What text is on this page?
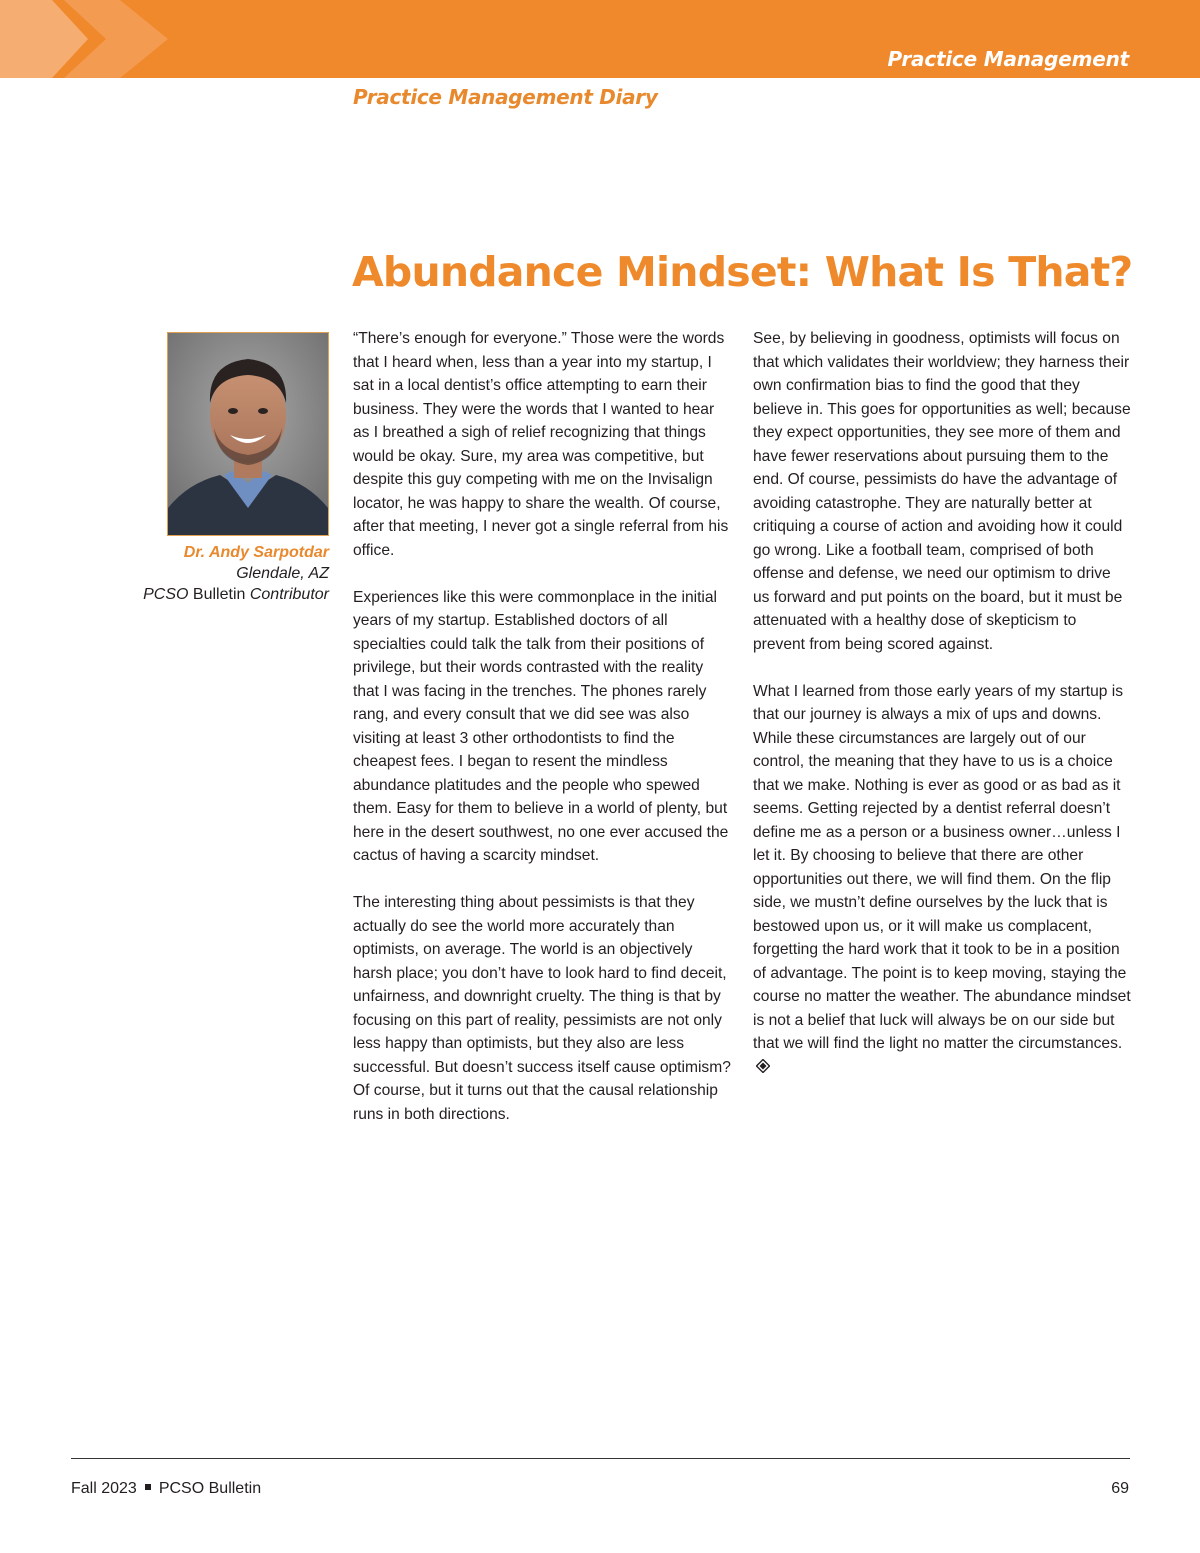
Practice Management
Practice Management Diary
Abundance Mindset: What Is That?
Dr. Andy Sarpotdar
Glendale, AZ
PCSO Bulletin Contributor

“There’s enough for everyone.” Those were the words that I heard when, less than a year into my startup, I sat in a local dentist’s office attempting to earn their business. They were the words that I wanted to hear as I breathed a sigh of relief recognizing that things would be okay. Sure, my area was competitive, but despite this guy competing with me on the Invisalign locator, he was happy to share the wealth. Of course, after that meeting, I never got a single referral from his office.

Experiences like this were commonplace in the initial years of my startup. Established doctors of all specialties could talk the talk from their positions of privilege, but their words contrasted with the reality that I was facing in the trenches. The phones rarely rang, and every consult that we did see was also visiting at least 3 other orthodontists to find the cheapest fees. I began to resent the mindless abundance platitudes and the people who spewed them. Easy for them to believe in a world of plenty, but here in the desert southwest, no one ever accused the cactus of having a scarcity mindset.

The interesting thing about pessimists is that they actually do see the world more accurately than optimists, on average. The world is an objectively harsh place; you don’t have to look hard to find deceit, unfairness, and downright cruelty. The thing is that by focusing on this part of reality, pessimists are not only less happy than optimists, but they also are less successful. But doesn’t success itself cause optimism? Of course, but it turns out that the causal relationship runs in both directions.

See, by believing in goodness, optimists will focus on that which validates their worldview; they harness their own confirmation bias to find the good that they believe in. This goes for opportunities as well; because they expect opportunities, they see more of them and have fewer reservations about pursuing them to the end. Of course, pessimists do have the advantage of avoiding catastrophe. They are naturally better at critiquing a course of action and avoiding how it could go wrong. Like a football team, comprised of both offense and defense, we need our optimism to drive us forward and put points on the board, but it must be attenuated with a healthy dose of skepticism to prevent from being scored against.

What I learned from those early years of my startup is that our journey is always a mix of ups and downs. While these circumstances are largely out of our control, the meaning that they have to us is a choice that we make. Nothing is ever as good or as bad as it seems. Getting rejected by a dentist referral doesn’t define me as a person or a business owner…unless I let it. By choosing to believe that there are other opportunities out there, we will find them. On the flip side, we mustn’t define ourselves by the luck that is bestowed upon us, or it will make us complacent, forgetting the hard work that it took to be in a position of advantage. The point is to keep moving, staying the course no matter the weather. The abundance mindset is not a belief that luck will always be on our side but that we will find the light no matter the circumstances.

Fall 2023 PCSO Bulletin	69
